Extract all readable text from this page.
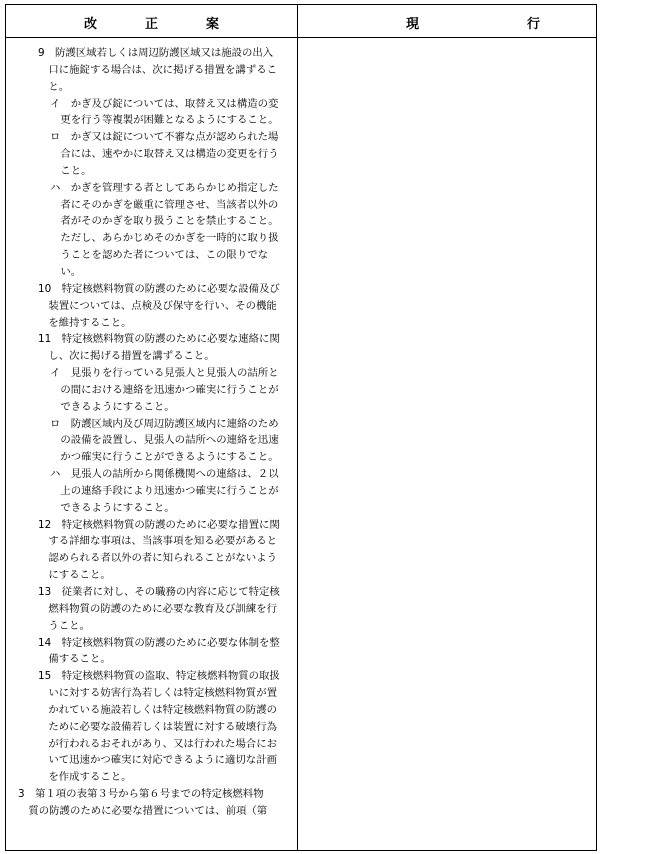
改正案	現行
9　防護区域若しくは周辺防護区域又は施設の出入
　口に施錠する場合は、次に掲げる措置を講ずるこ
　と。
イ　かぎ及び錠については、取替え又は構造の変
　更を行う等複製が困難となるようにすること。
ロ　かぎ又は錠について不審な点が認められた場
　合には、速やかに取替え又は構造の変更を行う
　こと。
ハ　かぎを管理する者としてあらかじめ指定した
　者にそのかぎを厳重に管理させ、当該者以外の
　者がそのかぎを取り扱うことを禁止すること。
　ただし、あらかじめそのかぎを一時的に取り扱
　うことを認めた者については、この限りでな
　い。
10　特定核燃料物質の防護のために必要な設備及び
　装置については、点検及び保守を行い、その機能
　を維持すること。
11　特定核燃料物質の防護のために必要な連絡に関
　し、次に掲げる措置を講ずること。
イ　見張りを行っている見張人と見張人の詰所と
　の間における連絡を迅速かつ確実に行うことが
　できるようにすること。
ロ　防護区域内及び周辺防護区域内に連絡のため
　の設備を設置し、見張人の詰所への連絡を迅速
　かつ確実に行うことができるようにすること。
ハ　見張人の詰所から関係機関への連絡は、２以
　上の連絡手段により迅速かつ確実に行うことが
　できるようにすること。
12　特定核燃料物質の防護のために必要な措置に関
　する詳細な事項は、当該事項を知る必要があると
　認められる者以外の者に知られることがないよう
　にすること。
13　従業者に対し、その職務の内容に応じて特定核
　燃料物質の防護のために必要な教育及び訓練を行
　うこと。
14　特定核燃料物質の防護のために必要な体制を整
　備すること。
15　特定核燃料物質の盗取、特定核燃料物質の取扱
　いに対する妨害行為若しくは特定核燃料物質が置
　かれている施設若しくは特定核燃料物質の防護の
　ために必要な設備若しくは装置に対する破壊行為
　が行われるおそれがあり、又は行われた場合にお
　いて迅速かつ確実に対応できるように適切な計画
　を作成すること。
3　第１項の表第３号から第６号までの特定核燃料物
　質の防護のために必要な措置については、前項（第
